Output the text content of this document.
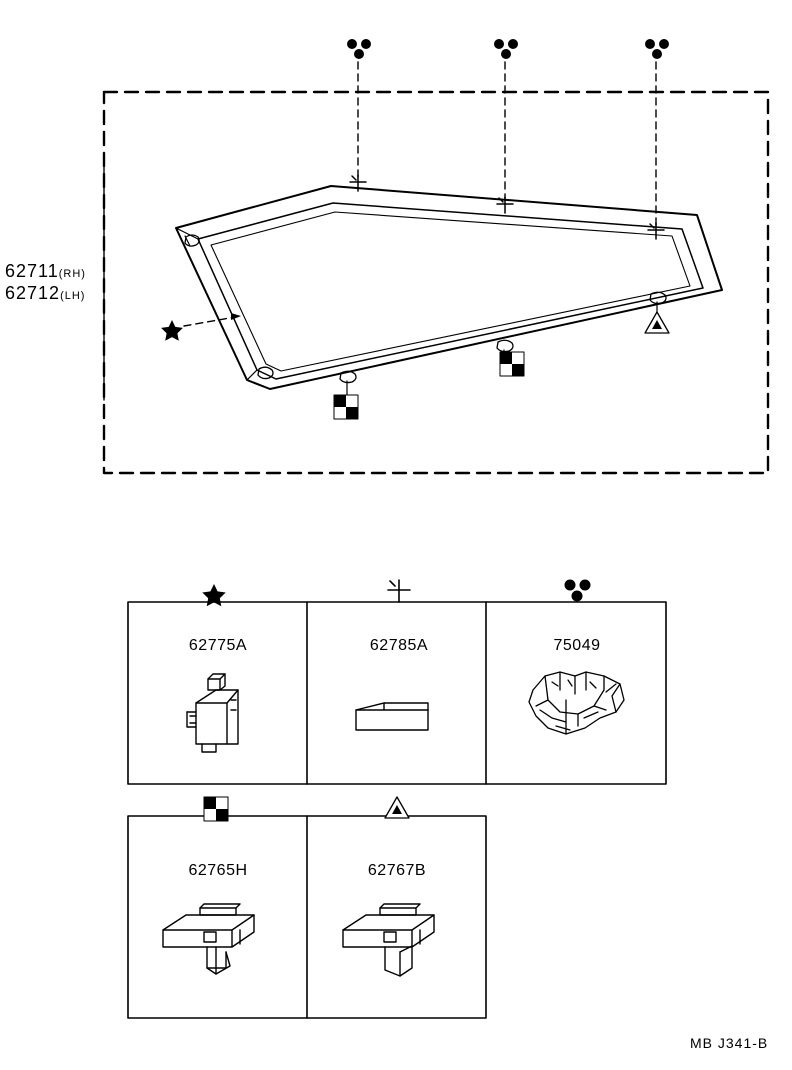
62711(RH)
62712(LH)
62775A	62785A	75049
62765H	62767B
MB J341-B
